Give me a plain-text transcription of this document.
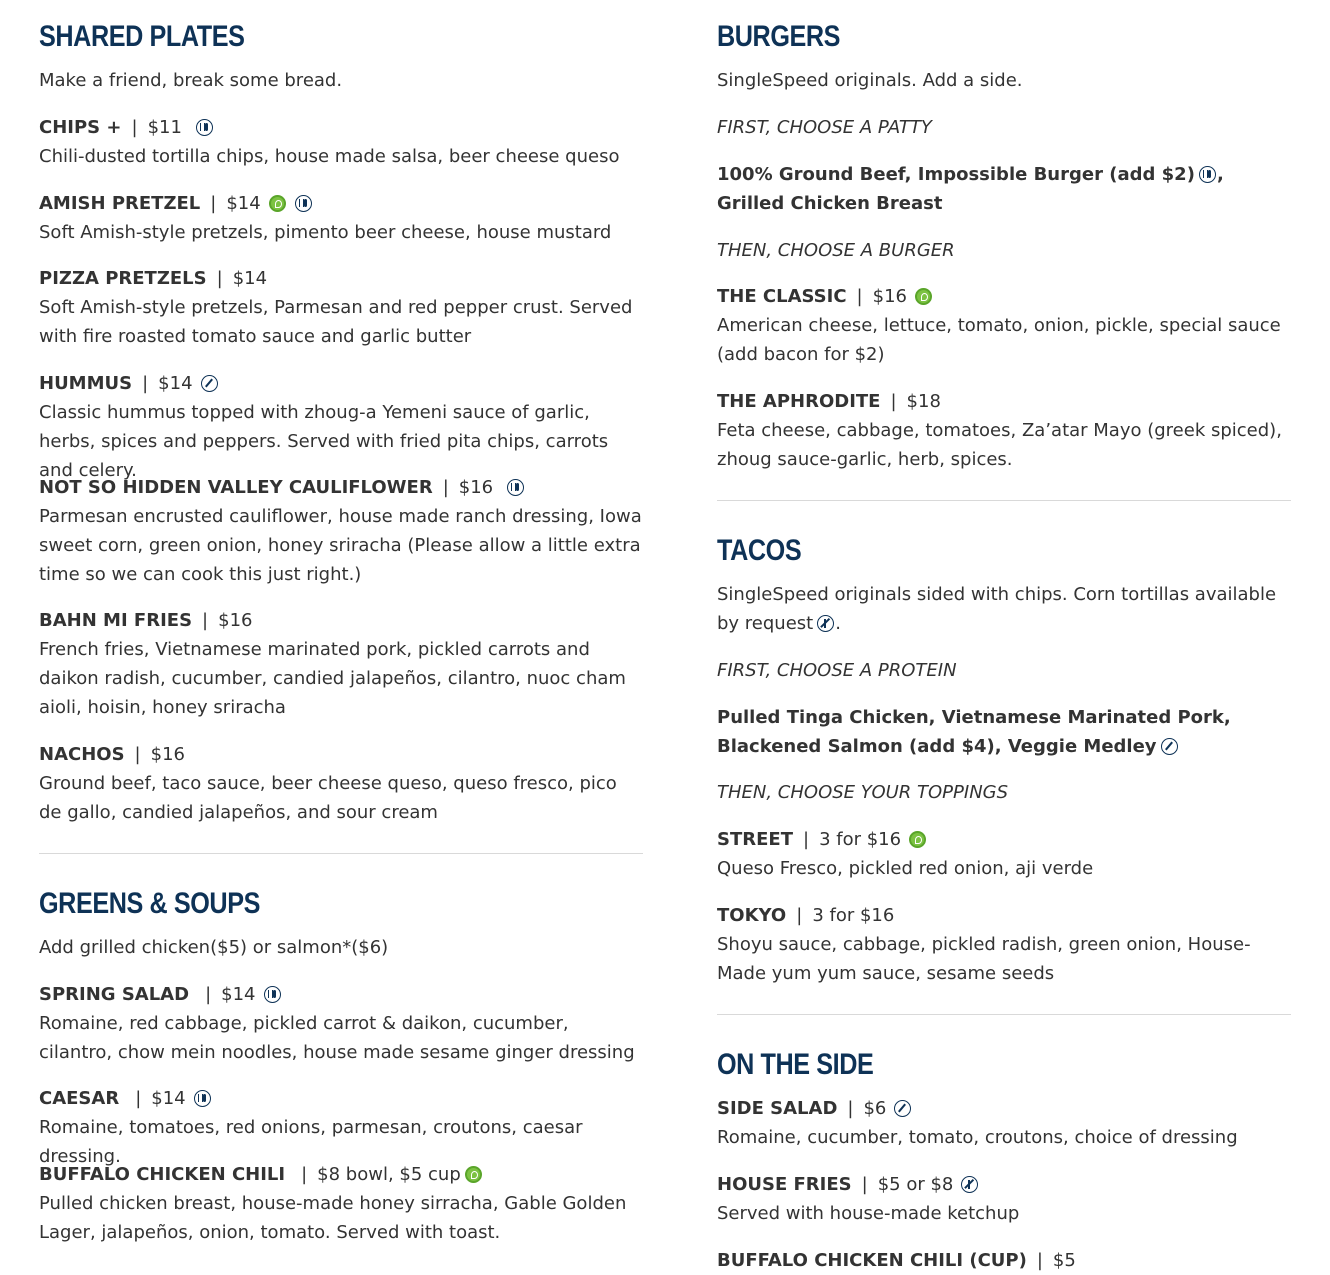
SHARED PLATES

Make a friend, break some bread.

CHIPS + | $11

Chili-dusted tortilla chips, house made salsa, beer cheese queso

AMISH PRETZEL | $14

Soft Amish-style pretzels, pimento beer cheese, house mustard

PIZZA PRETZELS | $14

Soft Amish-style pretzels, Parmesan and red pepper crust. Served with fire roasted tomato sauce and garlic butter

HUMMUS | $14

Classic hummus topped with zhoug-a Yemeni sauce of garlic, herbs, spices and peppers. Served with fried pita chips, carrots and celery.

NOT SO HIDDEN VALLEY CAULIFLOWER | $16

Parmesan encrusted cauliflower, house made ranch dressing, Iowa sweet corn, green onion, honey sriracha (Please allow a little extra time so we can cook this just right.)

BAHN MI FRIES | $16

French fries, Vietnamese marinated pork, pickled carrots and daikon radish, cucumber, candied jalapeños, cilantro, nuoc cham aioli, hoisin, honey sriracha

NACHOS | $16

Ground beef, taco sauce, beer cheese queso, queso fresco, pico de gallo, candied jalapeños, and sour cream

GREENS & SOUPS

Add grilled chicken($5) or salmon*($6)

SPRING SALAD | $14

Romaine, red cabbage, pickled carrot & daikon, cucumber, cilantro, chow mein noodles, house made sesame ginger dressing

CAESAR | $14

Romaine, tomatoes, red onions, parmesan, croutons, caesar dressing.

BUFFALO CHICKEN CHILI | $8 bowl, $5 cup

Pulled chicken breast, house-made honey sirracha, Gable Golden Lager, jalapeños, onion, tomato. Served with toast.

BURGERS

SingleSpeed originals. Add a side.

FIRST, CHOOSE A PATTY

100% Ground Beef, Impossible Burger (add $2) , Grilled Chicken Breast

THEN, CHOOSE A BURGER

THE CLASSIC | $16

American cheese, lettuce, tomato, onion, pickle, special sauce (add bacon for $2)

THE APHRODITE | $18

Feta cheese, cabbage, tomatoes, Za’atar Mayo (greek spiced), zhoug sauce-garlic, herb, spices.

TACOS

SingleSpeed originals sided with chips. Corn tortillas available by request .

FIRST, CHOOSE A PROTEIN

Pulled Tinga Chicken, Vietnamese Marinated Pork, Blackened Salmon (add $4), Veggie Medley

THEN, CHOOSE YOUR TOPPINGS

STREET | 3 for $16

Queso Fresco, pickled red onion, aji verde

TOKYO | 3 for $16

Shoyu sauce, cabbage, pickled radish, green onion, House-Made yum yum sauce, sesame seeds

ON THE SIDE

SIDE SALAD | $6

Romaine, cucumber, tomato, croutons, choice of dressing

HOUSE FRIES | $5 or $8

Served with house-made ketchup

BUFFALO CHICKEN CHILI (CUP) | $5
